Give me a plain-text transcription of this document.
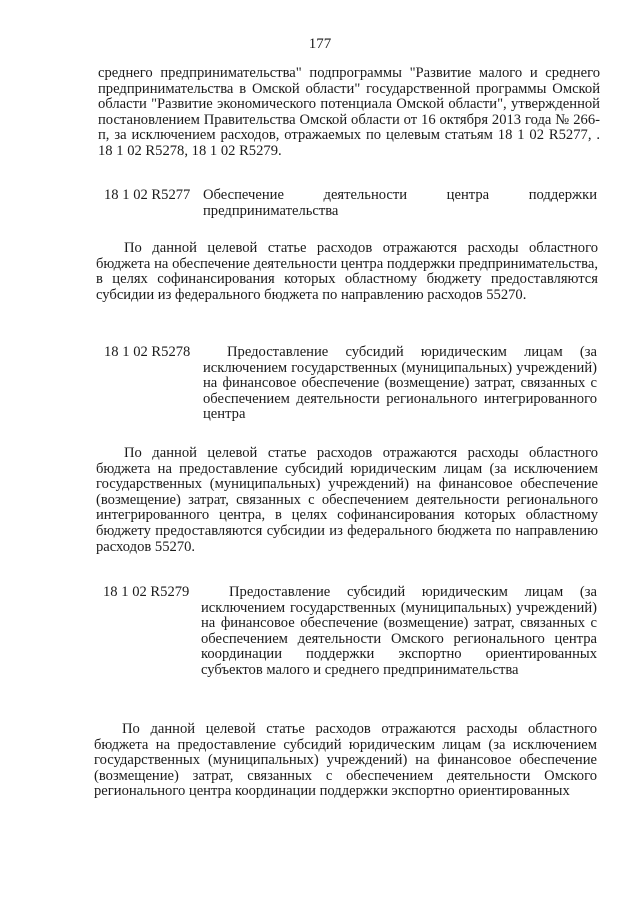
177

среднего предпринимательства" подпрограммы "Развитие малого и среднего предпринимательства в Омской области" государственной программы Омской области "Развитие экономического потенциала Омской области", утвержденной постановлением Правительства Омской области от 16 октября 2013 года № 266-п, за исключением расходов, отражаемых по целевым статьям 18 1 02 R5277, . 18 1 02 R5278, 18 1 02 R5279.

18 1 02 R5277 Обеспечение деятельности центра поддержки предпринимательства

По данной целевой статье расходов отражаются расходы областного бюджета на обеспечение деятельности центра поддержки предпринимательства, в целях софинансирования которых областному бюджету предоставляются субсидии из федерального бюджета по направлению расходов 55270.

18 1 02 R5278	Предоставление субсидий юридическим лицам (за исключением государственных (муниципальных) учреждений) на финансовое обеспечение (возмещение) затрат, связанных с обеспечением деятельности регионального интегрированного центра

По данной целевой статье расходов отражаются расходы областного бюджета на предоставление субсидий юридическим лицам (за исключением государственных (муниципальных) учреждений) на финансовое обеспечение (возмещение) затрат, связанных с обеспечением деятельности регионального интегрированного центра, в целях софинансирования которых областному бюджету предоставляются субсидии из федерального бюджета по направлению расходов 55270.

18 1 02 R5279	Предоставление субсидий юридическим лицам (за исключением государственных (муниципальных) учреждений) на финансовое обеспечение (возмещение) затрат, связанных с обеспечением деятельности Омского регионального центра координации поддержки экспортно ориентированных субъектов малого и среднего предпринимательства

По данной целевой статье расходов отражаются расходы областного бюджета на предоставление субсидий юридическим лицам (за исключением государственных (муниципальных) учреждений) на финансовое обеспечение (возмещение) затрат, связанных с обеспечением деятельности Омского регионального центра координации поддержки экспортно ориентированных
